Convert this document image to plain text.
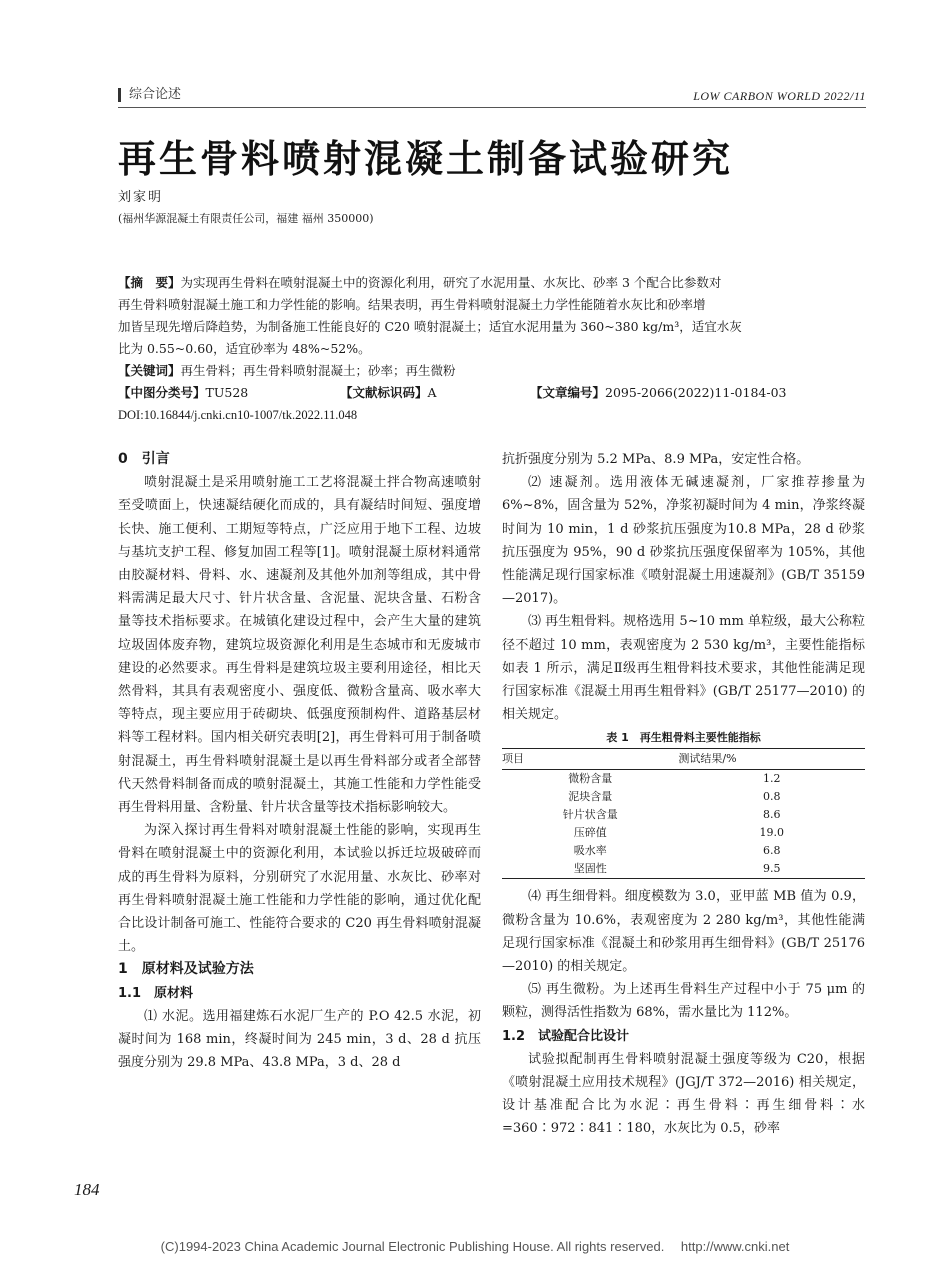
综合论述	LOW CARBON WORLD 2022/11
再生骨料喷射混凝土制备试验研究
刘家明
(福州华源混凝土有限责任公司，福建 福州 350000)
【摘　要】为实现再生骨料在喷射混凝土中的资源化利用，研究了水泥用量、水灰比、砂率 3 个配合比参数对
再生骨料喷射混凝土施工和力学性能的影响。结果表明，再生骨料喷射混凝土力学性能随着水灰比和砂率增
加皆呈现先增后降趋势，为制备施工性能良好的 C20 喷射混凝土；适宜水泥用量为 360~380 kg/m³，适宜水灰
比为 0.55~0.60，适宜砂率为 48%~52%。
【关键词】再生骨料；再生骨料喷射混凝土；砂率；再生微粉
【中图分类号】 TU528	【文献标识码】 A	【文章编号】 2095-2066(2022)11-0184-03
DOI:10.16844/j.cnki.cn10-1007/tk.2022.11.048

0　引言

喷射混凝土是采用喷射施工工艺将混凝土拌合物高速喷射至受喷面上，快速凝结硬化而成的，具有凝结时间短、强度增长快、施工便利、工期短等特点，广泛应用于地下工程、边坡与基坑支护工程、修复加固工程等[1]。喷射混凝土原材料通常由胶凝材料、骨料、水、速凝剂及其他外加剂等组成，其中骨料需满足最大尺寸、针片状含量、含泥量、泥块含量、石粉含量等技术指标要求。在城镇化建设过程中，会产生大量的建筑垃圾固体废弃物，建筑垃圾资源化利用是生态城市和无废城市建设的必然要求。再生骨料是建筑垃圾主要利用途径，相比天然骨料，其具有表观密度小、强度低、微粉含量高、吸水率大等特点，现主要应用于砖砌块、低强度预制构件、道路基层材料等工程材料。国内相关研究表明[2]，再生骨料可用于制备喷射混凝土，再生骨料喷射混凝土是以再生骨料部分或者全部替代天然骨料制备而成的喷射混凝土，其施工性能和力学性能受再生骨料用量、含粉量、针片状含量等技术指标影响较大。

为深入探讨再生骨料对喷射混凝土性能的影响，实现再生骨料在喷射混凝土中的资源化利用，本试验以拆迁垃圾破碎而成的再生骨料为原料，分别研究了水泥用量、水灰比、砂率对再生骨料喷射混凝土施工性能和力学性能的影响，通过优化配合比设计制备可施工、性能符合要求的 C20 再生骨料喷射混凝土。

1　原材料及试验方法

1.1　原材料

⑴ 水泥。选用福建炼石水泥厂生产的 P.O 42.5 水泥，初凝时间为 168 min，终凝时间为 245 min，3 d、28 d 抗压强度分别为 29.8 MPa、43.8 MPa，3 d、28 d

抗折强度分别为 5.2 MPa、8.9 MPa，安定性合格。

⑵ 速凝剂。选用液体无碱速凝剂，厂家推荐掺量为 6%~8%，固含量为 52%，净浆初凝时间为 4 min，净浆终凝时间为 10 min，1 d 砂浆抗压强度为10.8 MPa，28 d 砂浆抗压强度为 95%，90 d 砂浆抗压强度保留率为 105%，其他性能满足现行国家标准《喷射混凝土用速凝剂》(GB/T 35159—2017)。

⑶ 再生粗骨料。规格选用 5~10 mm 单粒级，最大公称粒径不超过 10 mm，表观密度为 2 530 kg/m³，主要性能指标如表 1 所示，满足Ⅱ级再生粗骨料技术要求，其他性能满足现行国家标准《混凝土用再生粗骨料》(GB/T 25177—2010) 的相关规定。

表 1　再生粗骨料主要性能指标
项目	测试结果/%
微粉含量	1.2
泥块含量	0.8
针片状含量	8.6
压碎值	19.0
吸水率	6.8
坚固性	9.5

⑷ 再生细骨料。细度模数为 3.0，亚甲蓝 MB 值为 0.9，微粉含量为 10.6%，表观密度为 2 280 kg/m³，其他性能满足现行国家标准《混凝土和砂浆用再生细骨料》(GB/T 25176—2010) 的相关规定。

⑸ 再生微粉。为上述再生骨料生产过程中小于 75 μm 的颗粒，测得活性指数为 68%，需水量比为 112%。

1.2　试验配合比设计

试验拟配制再生骨料喷射混凝土强度等级为 C20，根据《喷射混凝土应用技术规程》(JGJ/T 372—2016) 相关规定，设计基准配合比为水泥∶再生骨料∶再生细骨料∶水=360∶972∶841∶180，水灰比为 0.5，砂率

184
(C)1994-2023 China Academic Journal Electronic Publishing House. All rights reserved.　 http://www.cnki.net
